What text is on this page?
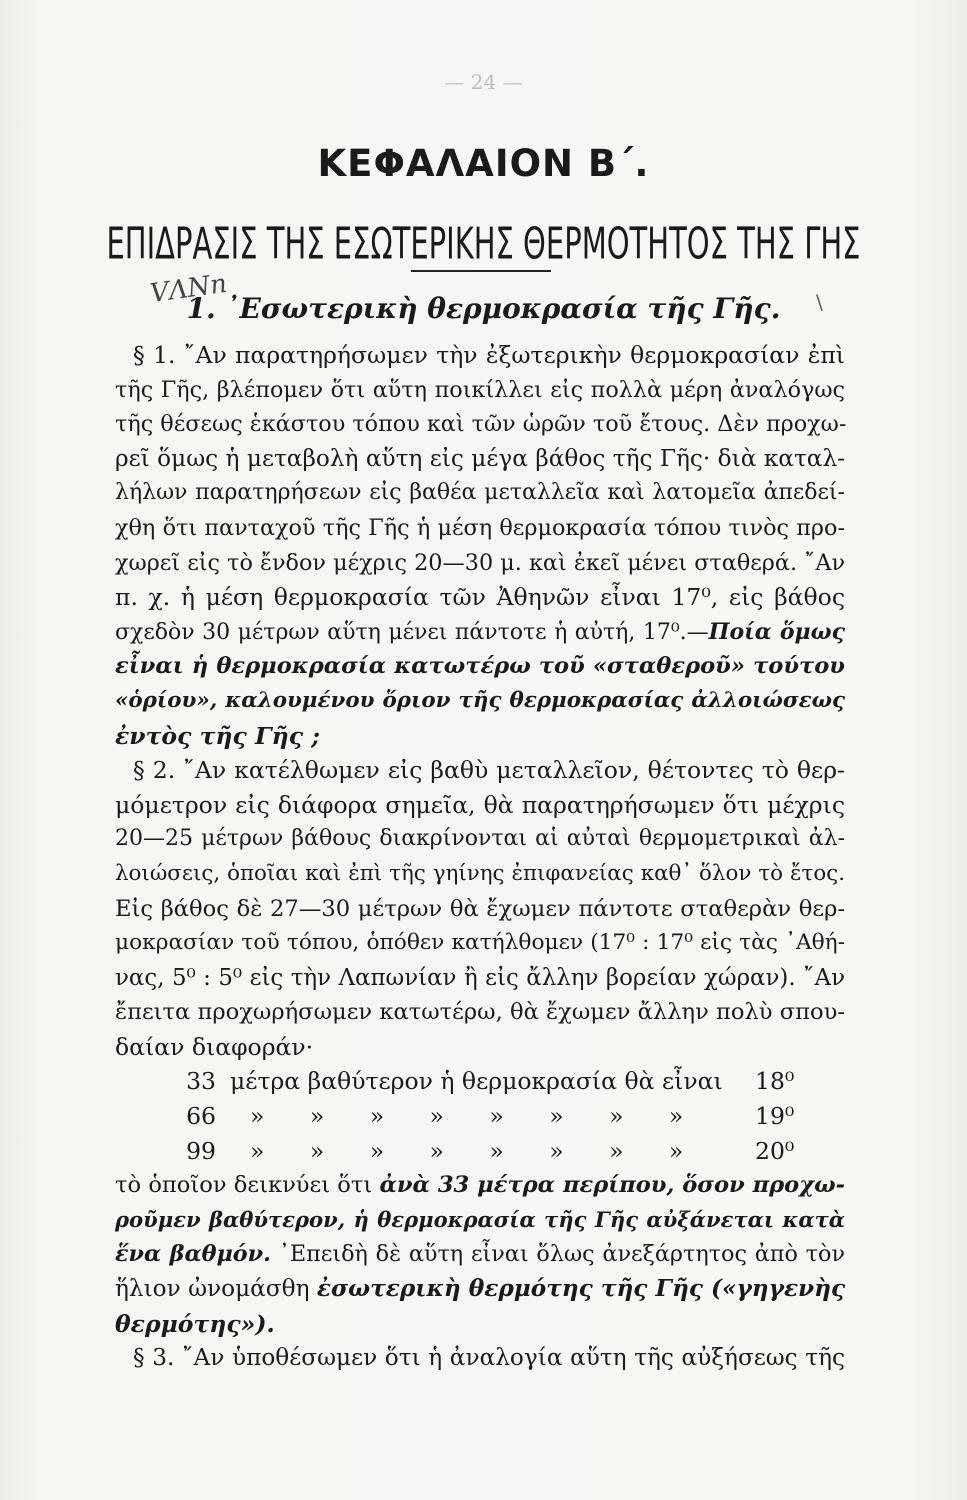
— 24 —
ΚΕΦΑΛΑΙΟΝ Β΄.
ΕΠΙΔΡΑΣΙΣ ΤΗΣ ΕΣΩΤΕΡΙΚΗΣ ΘΕΡΜΟΤΗΤΟΣ ΤΗΣ ΓΗΣ
VΛΝn	\
1. ᾿Εσωτερικὴ θερμοκρασία τῆς Γῆς.
§ 1. ῎Αν παρατηρήσωμεν τὴν ἐξωτερικὴν θερμοκρασίαν ἐπὶ
τῆς Γῆς, βλέπομεν ὅτι αὕτη ποικίλλει εἰς πολλὰ μέρη ἀναλόγως
τῆς θέσεως ἑκάστου τόπου καὶ τῶν ὡρῶν τοῦ ἔτους. Δὲν προχω-
ρεῖ ὅμως ἡ μεταβολὴ αὕτη εἰς μέγα βάθος τῆς Γῆς· διὰ καταλ-
λήλων παρατηρήσεων εἰς βαθέα μεταλλεῖα καὶ λατομεῖα ἀπεδεί-
χθη ὅτι πανταχοῦ τῆς Γῆς ἡ μέση θερμοκρασία τόπου τινὸς προ-
χωρεῖ εἰς τὸ ἔνδον μέχρις 20—30 μ. καὶ ἐκεῖ μένει σταθερά. ῎Αν
π. χ. ἡ μέση θερμοκρασία τῶν Ἀθηνῶν εἶναι 17⁰, εἰς βάθος
σχεδὸν 30 μέτρων αὕτη μένει πάντοτε ἡ αὐτή, 17⁰.—Ποία ὅμως
εἶναι ἡ θερμοκρασία κατωτέρω τοῦ «σταθεροῦ» τούτου
«ὁρίου», καλουμένου ὅριον τῆς θερμοκρασίας ἀλλοιώσεως
ἐντὸς τῆς Γῆς ;
§ 2. ῎Αν κατέλθωμεν εἰς βαθὺ μεταλλεῖον, θέτοντες τὸ θερ-
μόμετρον εἰς διάφορα σημεῖα, θὰ παρατηρήσωμεν ὅτι μέχρις
20—25 μέτρων βάθους διακρίνονται αἱ αὐταὶ θερμομετρικαὶ ἀλ-
λοιώσεις, ὁποῖαι καὶ ἐπὶ τῆς γηίνης ἐπιφανείας καθ᾿ ὅλον τὸ ἔτος.
Εἰς βάθος δὲ 27—30 μέτρων θὰ ἔχωμεν πάντοτε σταθερὰν θερ-
μοκρασίαν τοῦ τόπου, ὁπόθεν κατήλθομεν (17⁰ : 17⁰ εἰς τὰς ᾿Αθή-
νας, 5⁰ : 5⁰ εἰς τὴν Λαπωνίαν ἢ εἰς ἄλλην βορείαν χώραν). ῎Αν
ἔπειτα προχωρήσωμεν κατωτέρω, θὰ ἔχωμεν ἄλλην πολὺ σπου-
δαίαν διαφοράν·
33 μέτρα βαθύτερον ἡ θερμοκρασία θὰ εἶναι	18⁰
66	» » » » » » » »	19⁰
99	» » » » » » » »	20⁰
τὸ ὁποῖον δεικνύει ὅτι ἀνὰ 33 μέτρα περίπου, ὅσον προχω-
ροῦμεν βαθύτερον, ἡ θερμοκρασία τῆς Γῆς αὐξάνεται κατὰ
ἕνα βαθμόν. ᾿Επειδὴ δὲ αὕτη εἶναι ὅλως ἀνεξάρτητος ἀπὸ τὸν
ἥλιον ὠνομάσθη ἐσωτερικὴ θερμότης τῆς Γῆς («γηγενὴς
θερμότης»).
§ 3. ῎Αν ὑποθέσωμεν ὅτι ἡ ἀναλογία αὕτη τῆς αὐξήσεως τῆς
